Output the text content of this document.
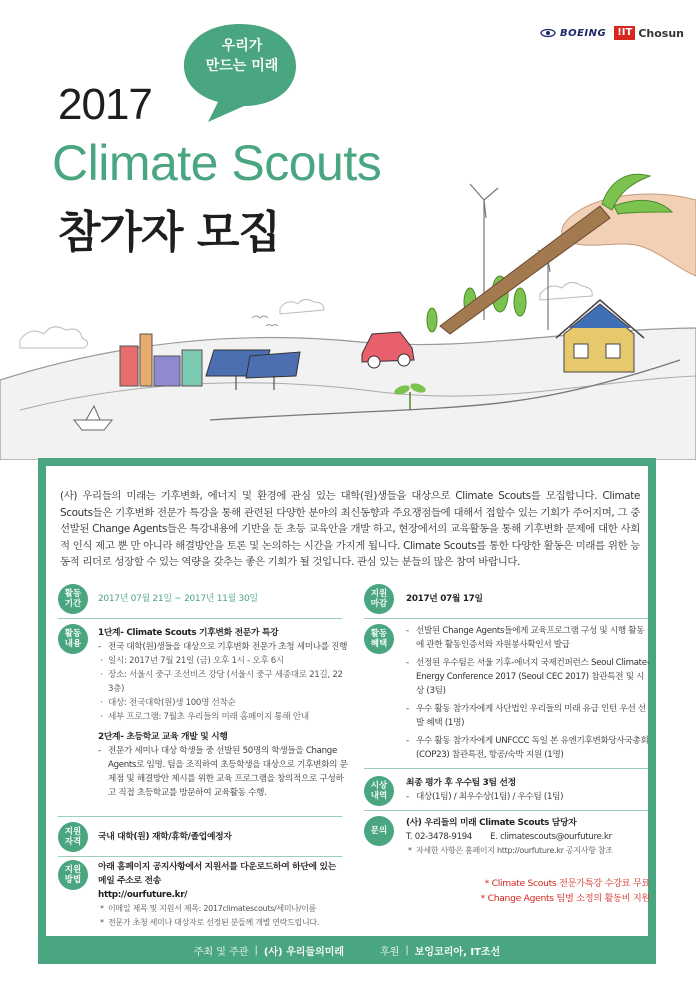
BOEING	!IT Chosun
우리가
만드는 미래
2017
Climate Scouts
참가자 모집

(사) 우리들의 미래는 기후변화, 에너지 및 환경에 관심 있는 대학(원)생들을 대상으로 Climate Scouts를 모집합니다. Climate Scouts들은 기후변화 전문가 특강을 통해 관련된 다양한 분야의 최신동향과 주요쟁점들에 대해서 접할수 있는 기회가 주어지며, 그 중 선발된 Change Agents들은 특강내용에 기반을 둔 초등 교육안을 개발 하고, 현장에서의 교육활동을 통해 기후변화 문제에 대한 사회적 인식 제고 뿐 만 아니라 해결방안을 토론 및 논의하는 시간을 가지게 됩니다. Climate Scouts를 통한 다양한 활동은 미래를 위한 능동적 리더로 성장할 수 있는 역량을 갖추는 좋은 기회가 될 것입니다. 관심 있는 분들의 많은 참여 바랍니다.

활동
기간 2017년 07월 21일 ~ 2017년 11월 30일
활동
내용
1단계- Climate Scouts 기후변화 전문가 특강
- 전국 대학(원)생들을 대상으로 기후변화 전문가 초청 세미나를 진행
· 일시: 2017년 7월 21일 (금) 오후 1시 - 오후 6시
· 장소: 서울시 중구 조선비즈 강당 (서울시 중구 세종대로 21길, 22 3층)
· 대상: 전국대학(원)생 100명 선착순
· 세부 프로그램: 7월초 우리들의 미래 홈페이지 통해 안내
2단계- 초등학교 교육 개발 및 시행
- 전문가 세미나 대상 학생들 중 선발된 50명의 학생들을 Change Agents로 임명. 팀을 조직하여 초등학생을 대상으로 기후변화의 문제점 및 해결방안 제시를 위한 교육 프로그램을 창의적으로 구성하고 직접 초등학교를 방문하여 교육활동 수행.
지원
자격 국내 대학(원) 재학/휴학/졸업예정자
지원
방법
아래 홈페이지 공지사항에서 지원서를 다운로드하여 하단에 있는
메일 주소로 전송
http://ourfuture.kr/
* 이메일 제목 및 지원서 제목: 2017climatescouts/세미나/이름
* 전문가 초청 세미나 대상자로 선정된 분들께 개별 연락드립니다.
지원
마감 2017년 07월 17일
활동
혜택
- 선발된 Change Agents들에게 교육프로그램 구성 및 시행 활동에 관한 활동인증서와 자원봉사확인서 발급
- 선정된 우수팀은 서울 기후-에너지 국제컨퍼런스 Seoul Climate-Energy Conference 2017 (Seoul CEC 2017) 참관특전 및 시상 (3팀)
- 우수 활동 참가자에게 사단법인 우리들의 미래 유급 인턴 우선 선발 혜택 (1명)
- 우수 활동 참가자에게 UNFCCC 독일 본 유엔기후변화당사국총회 (COP23) 참관특전, 항공/숙박 지원 (1명)
시상
내역
최종 평가 후 우수팀 3팀 선정
- 대상(1팀) / 최우수상(1팀) / 우수팀 (1팀)
문의
(사) 우리들의 미래 Climate Scouts 담당자
T. 02-3478-9194 E. climatescouts@ourfuture.kr
* 자세한 사항은 홈페이지 http://ourfuture.kr 공지사항 참조
* Climate Scouts 전문가특강 수강료 무료
* Change Agents 팀별 소정의 활동비 지원
주최 및 주관 | (사) 우리들의미래	후원 | 보잉코리아, IT조선
